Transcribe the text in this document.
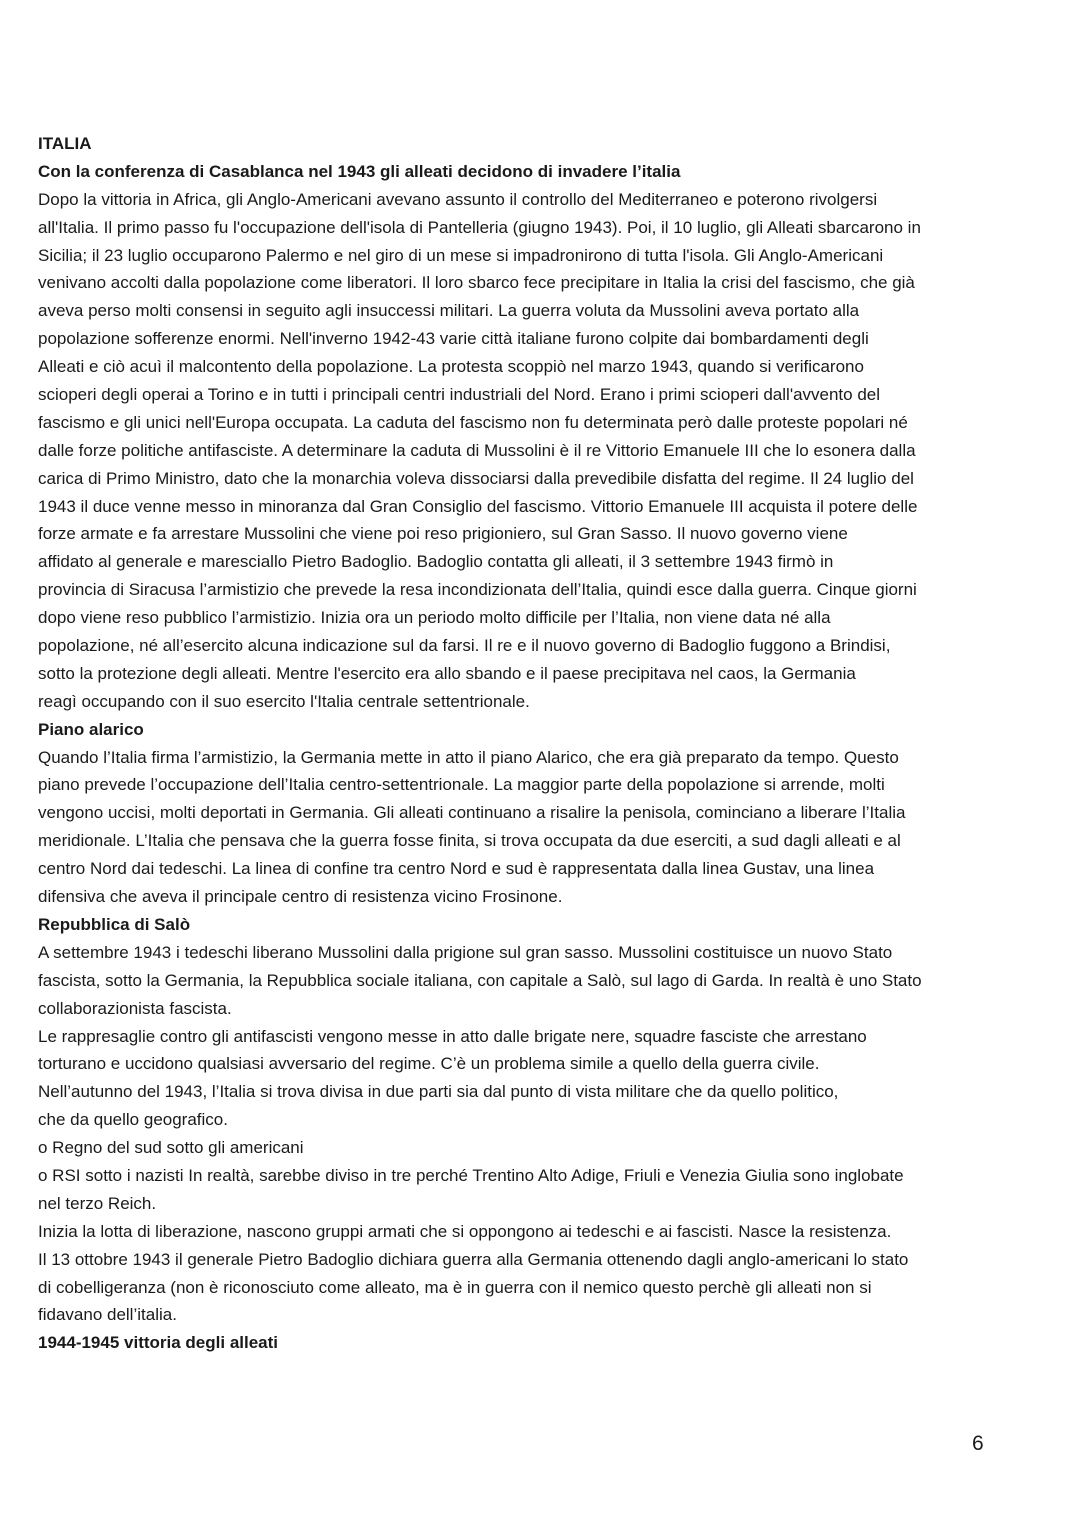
ITALIA
Con la conferenza di Casablanca nel 1943 gli alleati decidono di invadere l’italia
Dopo la vittoria in Africa, gli Anglo-Americani avevano assunto il controllo del Mediterraneo e poterono rivolgersi
all'Italia. Il primo passo fu l'occupazione dell'isola di Pantelleria (giugno 1943). Poi, il 10 luglio, gli Alleati sbarcarono in
Sicilia; il 23 luglio occuparono Palermo e nel giro di un mese si impadronirono di tutta l'isola. Gli Anglo-Americani
venivano accolti dalla popolazione come liberatori. Il loro sbarco fece precipitare in Italia la crisi del fascismo, che già
aveva perso molti consensi in seguito agli insuccessi militari. La guerra voluta da Mussolini aveva portato alla
popolazione sofferenze enormi. Nell'inverno 1942-43 varie città italiane furono colpite dai bombardamenti degli
Alleati e ciò acuì il malcontento della popolazione. La protesta scoppiò nel marzo 1943, quando si verificarono
scioperi degli operai a Torino e in tutti i principali centri industriali del Nord. Erano i primi scioperi dall'avvento del
fascismo e gli unici nell'Europa occupata. La caduta del fascismo non fu determinata però dalle proteste popolari né
dalle forze politiche antifasciste. A determinare la caduta di Mussolini è il re Vittorio Emanuele III che lo esonera dalla
carica di Primo Ministro, dato che la monarchia voleva dissociarsi dalla prevedibile disfatta del regime. Il 24 luglio del
1943 il duce venne messo in minoranza dal Gran Consiglio del fascismo. Vittorio Emanuele III acquista il potere delle
forze armate e fa arrestare Mussolini che viene poi reso prigioniero, sul Gran Sasso. Il nuovo governo viene
affidato al generale e maresciallo Pietro Badoglio. Badoglio contatta gli alleati, il 3 settembre 1943 firmò in
provincia di Siracusa l’armistizio che prevede la resa incondizionata dell’Italia, quindi esce dalla guerra. Cinque giorni
dopo viene reso pubblico l’armistizio. Inizia ora un periodo molto difficile per l’Italia, non viene data né alla
popolazione, né all’esercito alcuna indicazione sul da farsi. Il re e il nuovo governo di Badoglio fuggono a Brindisi,
sotto la protezione degli alleati. Mentre l'esercito era allo sbando e il paese precipitava nel caos, la Germania
reagì occupando con il suo esercito l'Italia centrale settentrionale.
Piano alarico
Quando l’Italia firma l’armistizio, la Germania mette in atto il piano Alarico, che era già preparato da tempo. Questo
piano prevede l’occupazione dell’Italia centro-settentrionale. La maggior parte della popolazione si arrende, molti
vengono uccisi, molti deportati in Germania. Gli alleati continuano a risalire la penisola, cominciano a liberare l’Italia
meridionale. L’Italia che pensava che la guerra fosse finita, si trova occupata da due eserciti, a sud dagli alleati e al
centro Nord dai tedeschi. La linea di confine tra centro Nord e sud è rappresentata dalla linea Gustav, una linea
difensiva che aveva il principale centro di resistenza vicino Frosinone.
Repubblica di Salò
A settembre 1943 i tedeschi liberano Mussolini dalla prigione sul gran sasso. Mussolini costituisce un nuovo Stato
fascista, sotto la Germania, la Repubblica sociale italiana, con capitale a Salò, sul lago di Garda. In realtà è uno Stato
collaborazionista fascista.
Le rappresaglie contro gli antifascisti vengono messe in atto dalle brigate nere, squadre fasciste che arrestano
torturano e uccidono qualsiasi avversario del regime. C’è un problema simile a quello della guerra civile.
Nell’autunno del 1943, l’Italia si trova divisa in due parti sia dal punto di vista militare che da quello politico,
che da quello geografico.
o Regno del sud sotto gli americani
o RSI sotto i nazisti In realtà, sarebbe diviso in tre perché Trentino Alto Adige, Friuli e Venezia Giulia sono inglobate
nel terzo Reich.
Inizia la lotta di liberazione, nascono gruppi armati che si oppongono ai tedeschi e ai fascisti. Nasce la resistenza.
Il 13 ottobre 1943 il generale Pietro Badoglio dichiara guerra alla Germania ottenendo dagli anglo-americani lo stato
di cobelligeranza (non è riconosciuto come alleato, ma è in guerra con il nemico questo perchè gli alleati non si
fidavano dell’italia.
1944-1945 vittoria degli alleati
6
